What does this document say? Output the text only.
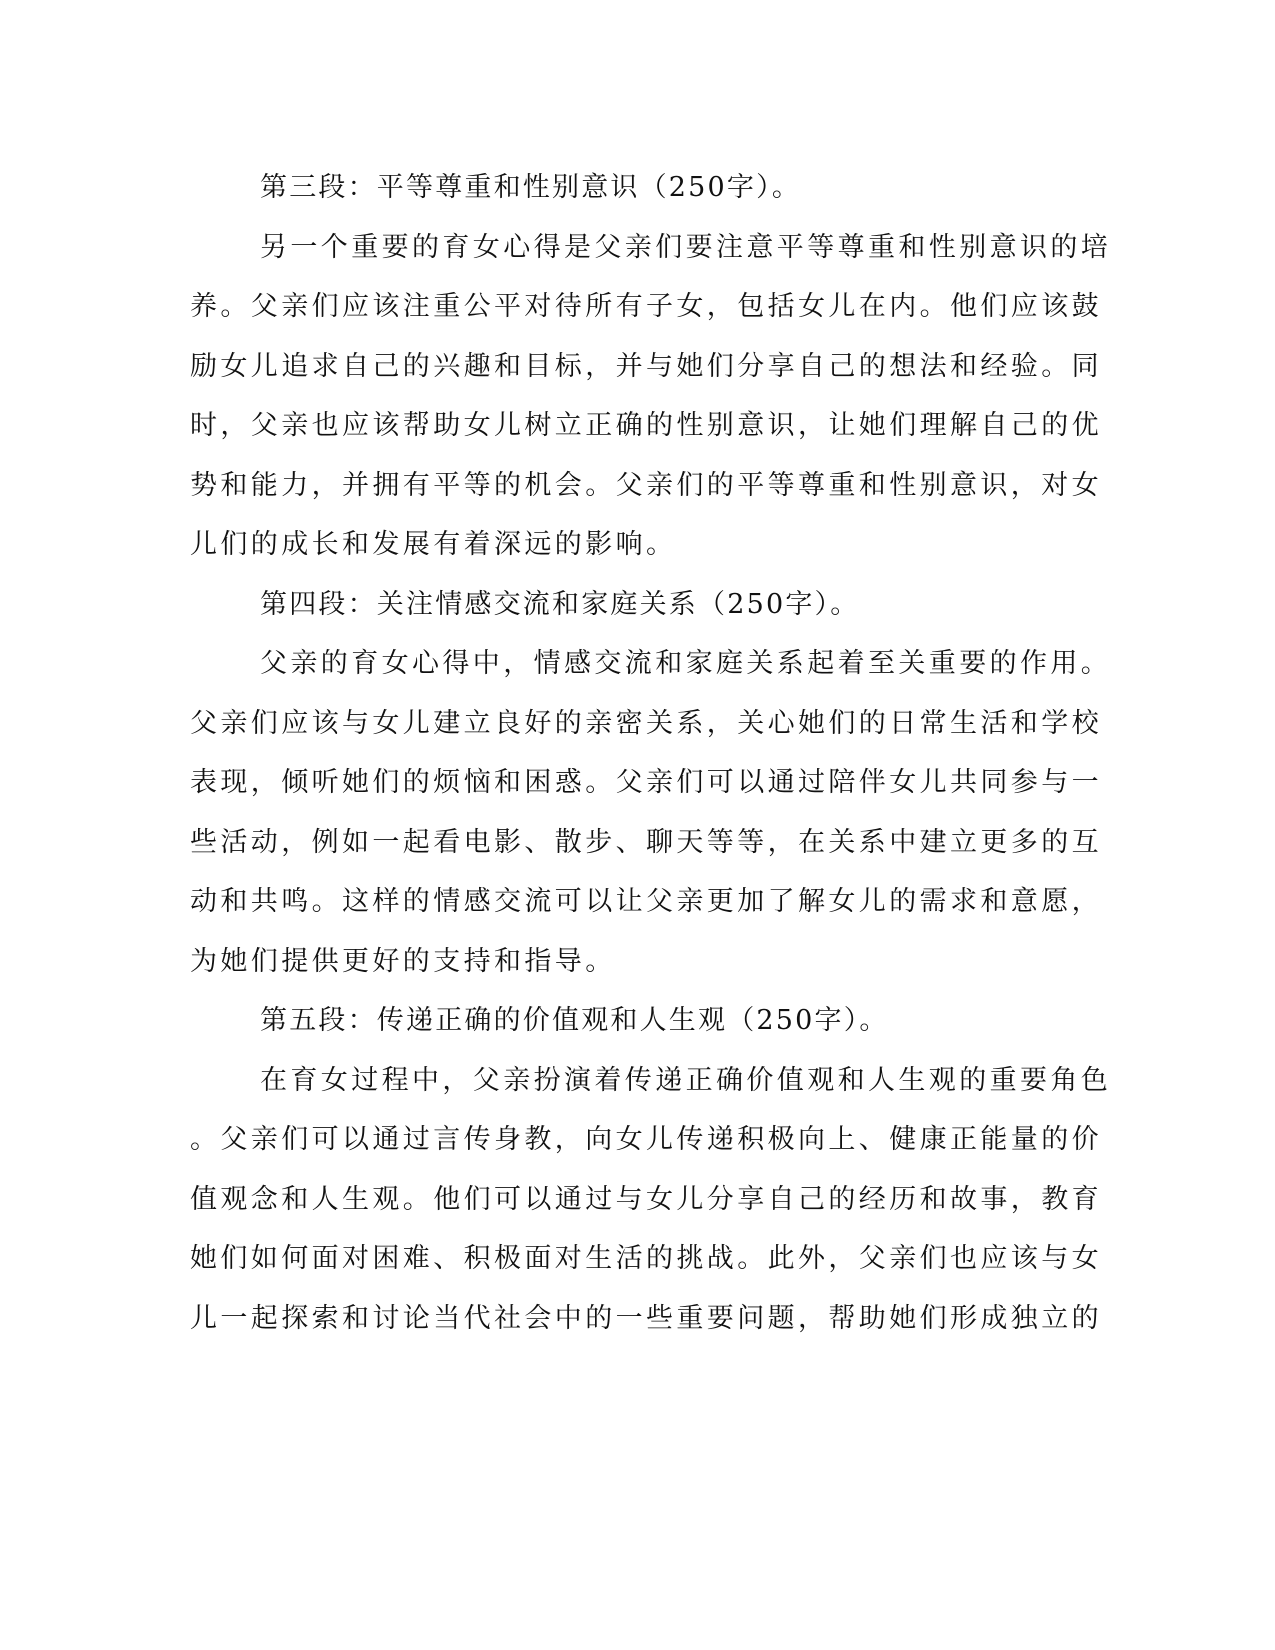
第三段：平等尊重和性别意识（250字）。
另一个重要的育女心得是父亲们要注意平等尊重和性别意识的培
养。父亲们应该注重公平对待所有子女，包括女儿在内。他们应该鼓
励女儿追求自己的兴趣和目标，并与她们分享自己的想法和经验。同
时，父亲也应该帮助女儿树立正确的性别意识，让她们理解自己的优
势和能力，并拥有平等的机会。父亲们的平等尊重和性别意识，对女
儿们的成长和发展有着深远的影响。
第四段：关注情感交流和家庭关系（250字）。
父亲的育女心得中，情感交流和家庭关系起着至关重要的作用。
父亲们应该与女儿建立良好的亲密关系，关心她们的日常生活和学校
表现，倾听她们的烦恼和困惑。父亲们可以通过陪伴女儿共同参与一
些活动，例如一起看电影、散步、聊天等等，在关系中建立更多的互
动和共鸣。这样的情感交流可以让父亲更加了解女儿的需求和意愿，
为她们提供更好的支持和指导。
第五段：传递正确的价值观和人生观（250字）。
在育女过程中，父亲扮演着传递正确价值观和人生观的重要角色
。父亲们可以通过言传身教，向女儿传递积极向上、健康正能量的价
值观念和人生观。他们可以通过与女儿分享自己的经历和故事，教育
她们如何面对困难、积极面对生活的挑战。此外，父亲们也应该与女
儿一起探索和讨论当代社会中的一些重要问题，帮助她们形成独立的
